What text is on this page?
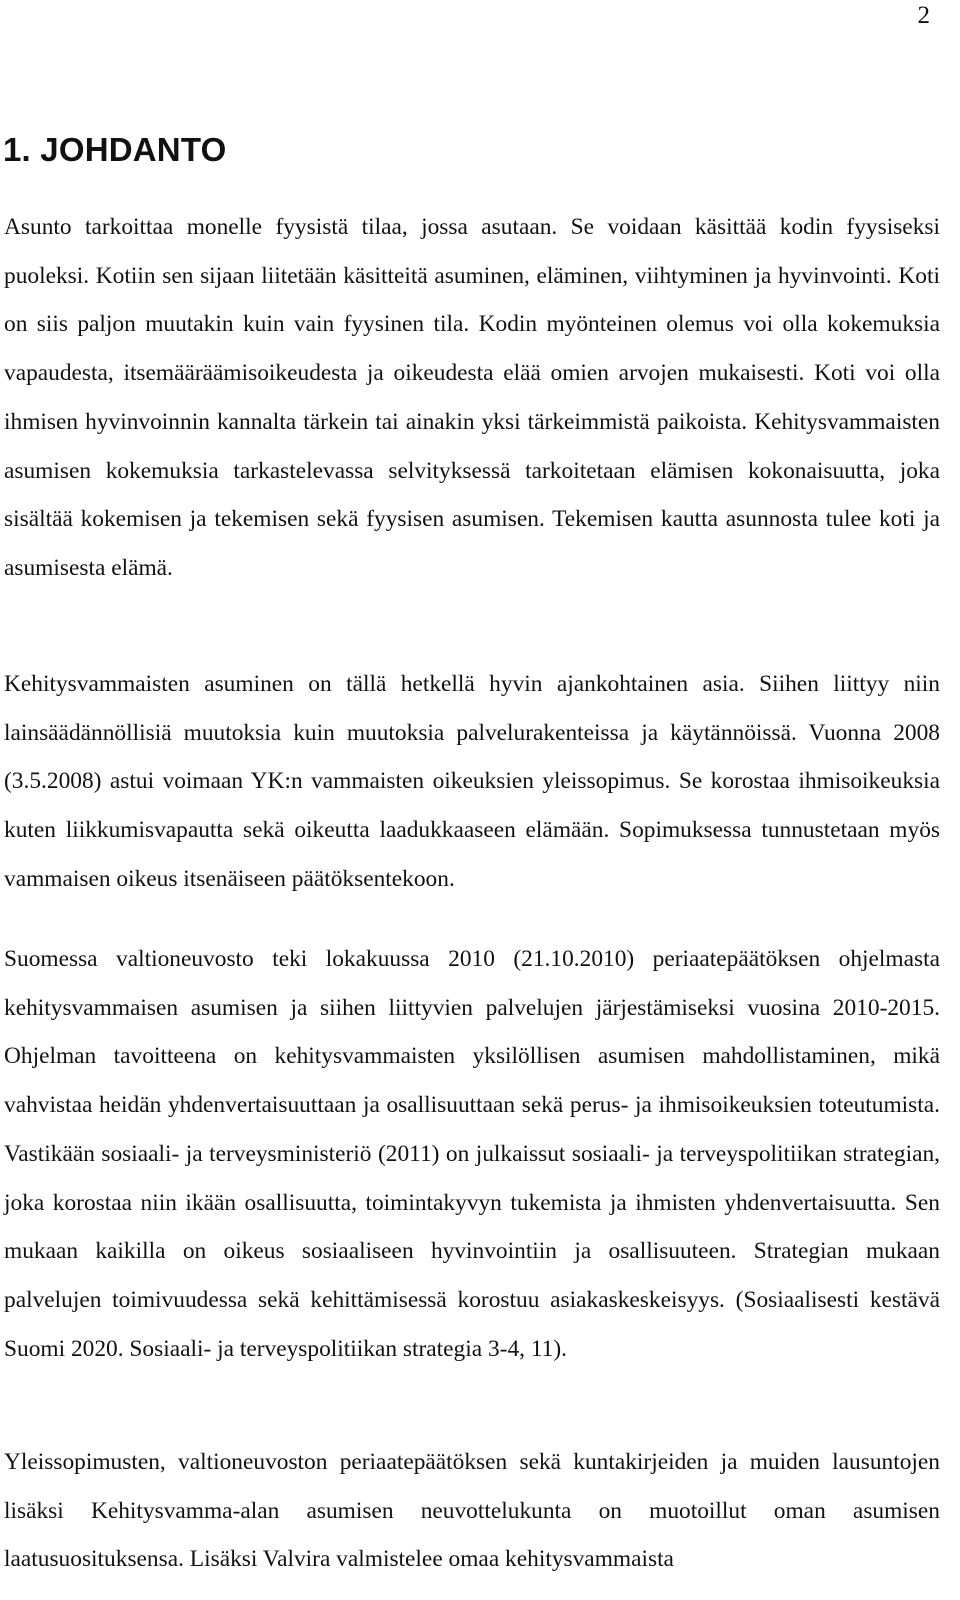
2
1. JOHDANTO

Asunto tarkoittaa monelle fyysistä tilaa, jossa asutaan. Se voidaan käsittää kodin fyysiseksi puoleksi. Kotiin sen sijaan liitetään käsitteitä asuminen, eläminen, viihtyminen ja hyvinvointi. Koti on siis paljon muutakin kuin vain fyysinen tila. Kodin myönteinen olemus voi olla kokemuksia vapaudesta, itsemääräämisoikeudesta ja oikeudesta elää omien arvojen mukaisesti. Koti voi olla ihmisen hyvinvoinnin kannalta tärkein tai ainakin yksi tärkeimmistä paikoista. Kehitysvammaisten asumisen kokemuksia tarkastelevassa selvityksessä tarkoitetaan elämisen kokonaisuutta, joka sisältää kokemisen ja tekemisen sekä fyysisen asumisen. Tekemisen kautta asunnosta tulee koti ja asumisesta elämä.

Kehitysvammaisten asuminen on tällä hetkellä hyvin ajankohtainen asia. Siihen liittyy niin lainsäädännöllisiä muutoksia kuin muutoksia palvelurakenteissa ja käytännöissä. Vuonna 2008 (3.5.2008) astui voimaan YK:n vammaisten oikeuksien yleissopimus. Se korostaa ihmisoikeuksia kuten liikkumisvapautta sekä oikeutta laadukkaaseen elämään. Sopimuksessa tunnustetaan myös vammaisen oikeus itsenäiseen päätöksentekoon.

Suomessa valtioneuvosto teki lokakuussa 2010 (21.10.2010) periaatepäätöksen ohjelmasta kehitysvammaisen asumisen ja siihen liittyvien palvelujen järjestämiseksi vuosina 2010-2015. Ohjelman tavoitteena on kehitysvammaisten yksilöllisen asumisen mahdollistaminen, mikä vahvistaa heidän yhdenvertaisuuttaan ja osallisuuttaan sekä perus- ja ihmisoikeuksien toteutumista. Vastikään sosiaali- ja terveysministeriö (2011) on julkaissut sosiaali- ja terveyspolitiikan strategian, joka korostaa niin ikään osallisuutta, toimintakyvyn tukemista ja ihmisten yhdenvertaisuutta. Sen mukaan kaikilla on oikeus sosiaaliseen hyvinvointiin ja osallisuuteen. Strategian mukaan palvelujen toimivuudessa sekä kehittämisessä korostuu asiakaskeskeisyys. (Sosiaalisesti kestävä Suomi 2020. Sosiaali- ja terveyspolitiikan strategia 3-4, 11).

Yleissopimusten, valtioneuvoston periaatepäätöksen sekä kuntakirjeiden ja muiden lausuntojen lisäksi Kehitysvamma-alan asumisen neuvottelukunta on muotoillut oman asumisen laatusuosituksensa. Lisäksi Valvira valmistelee omaa kehitysvammaista
